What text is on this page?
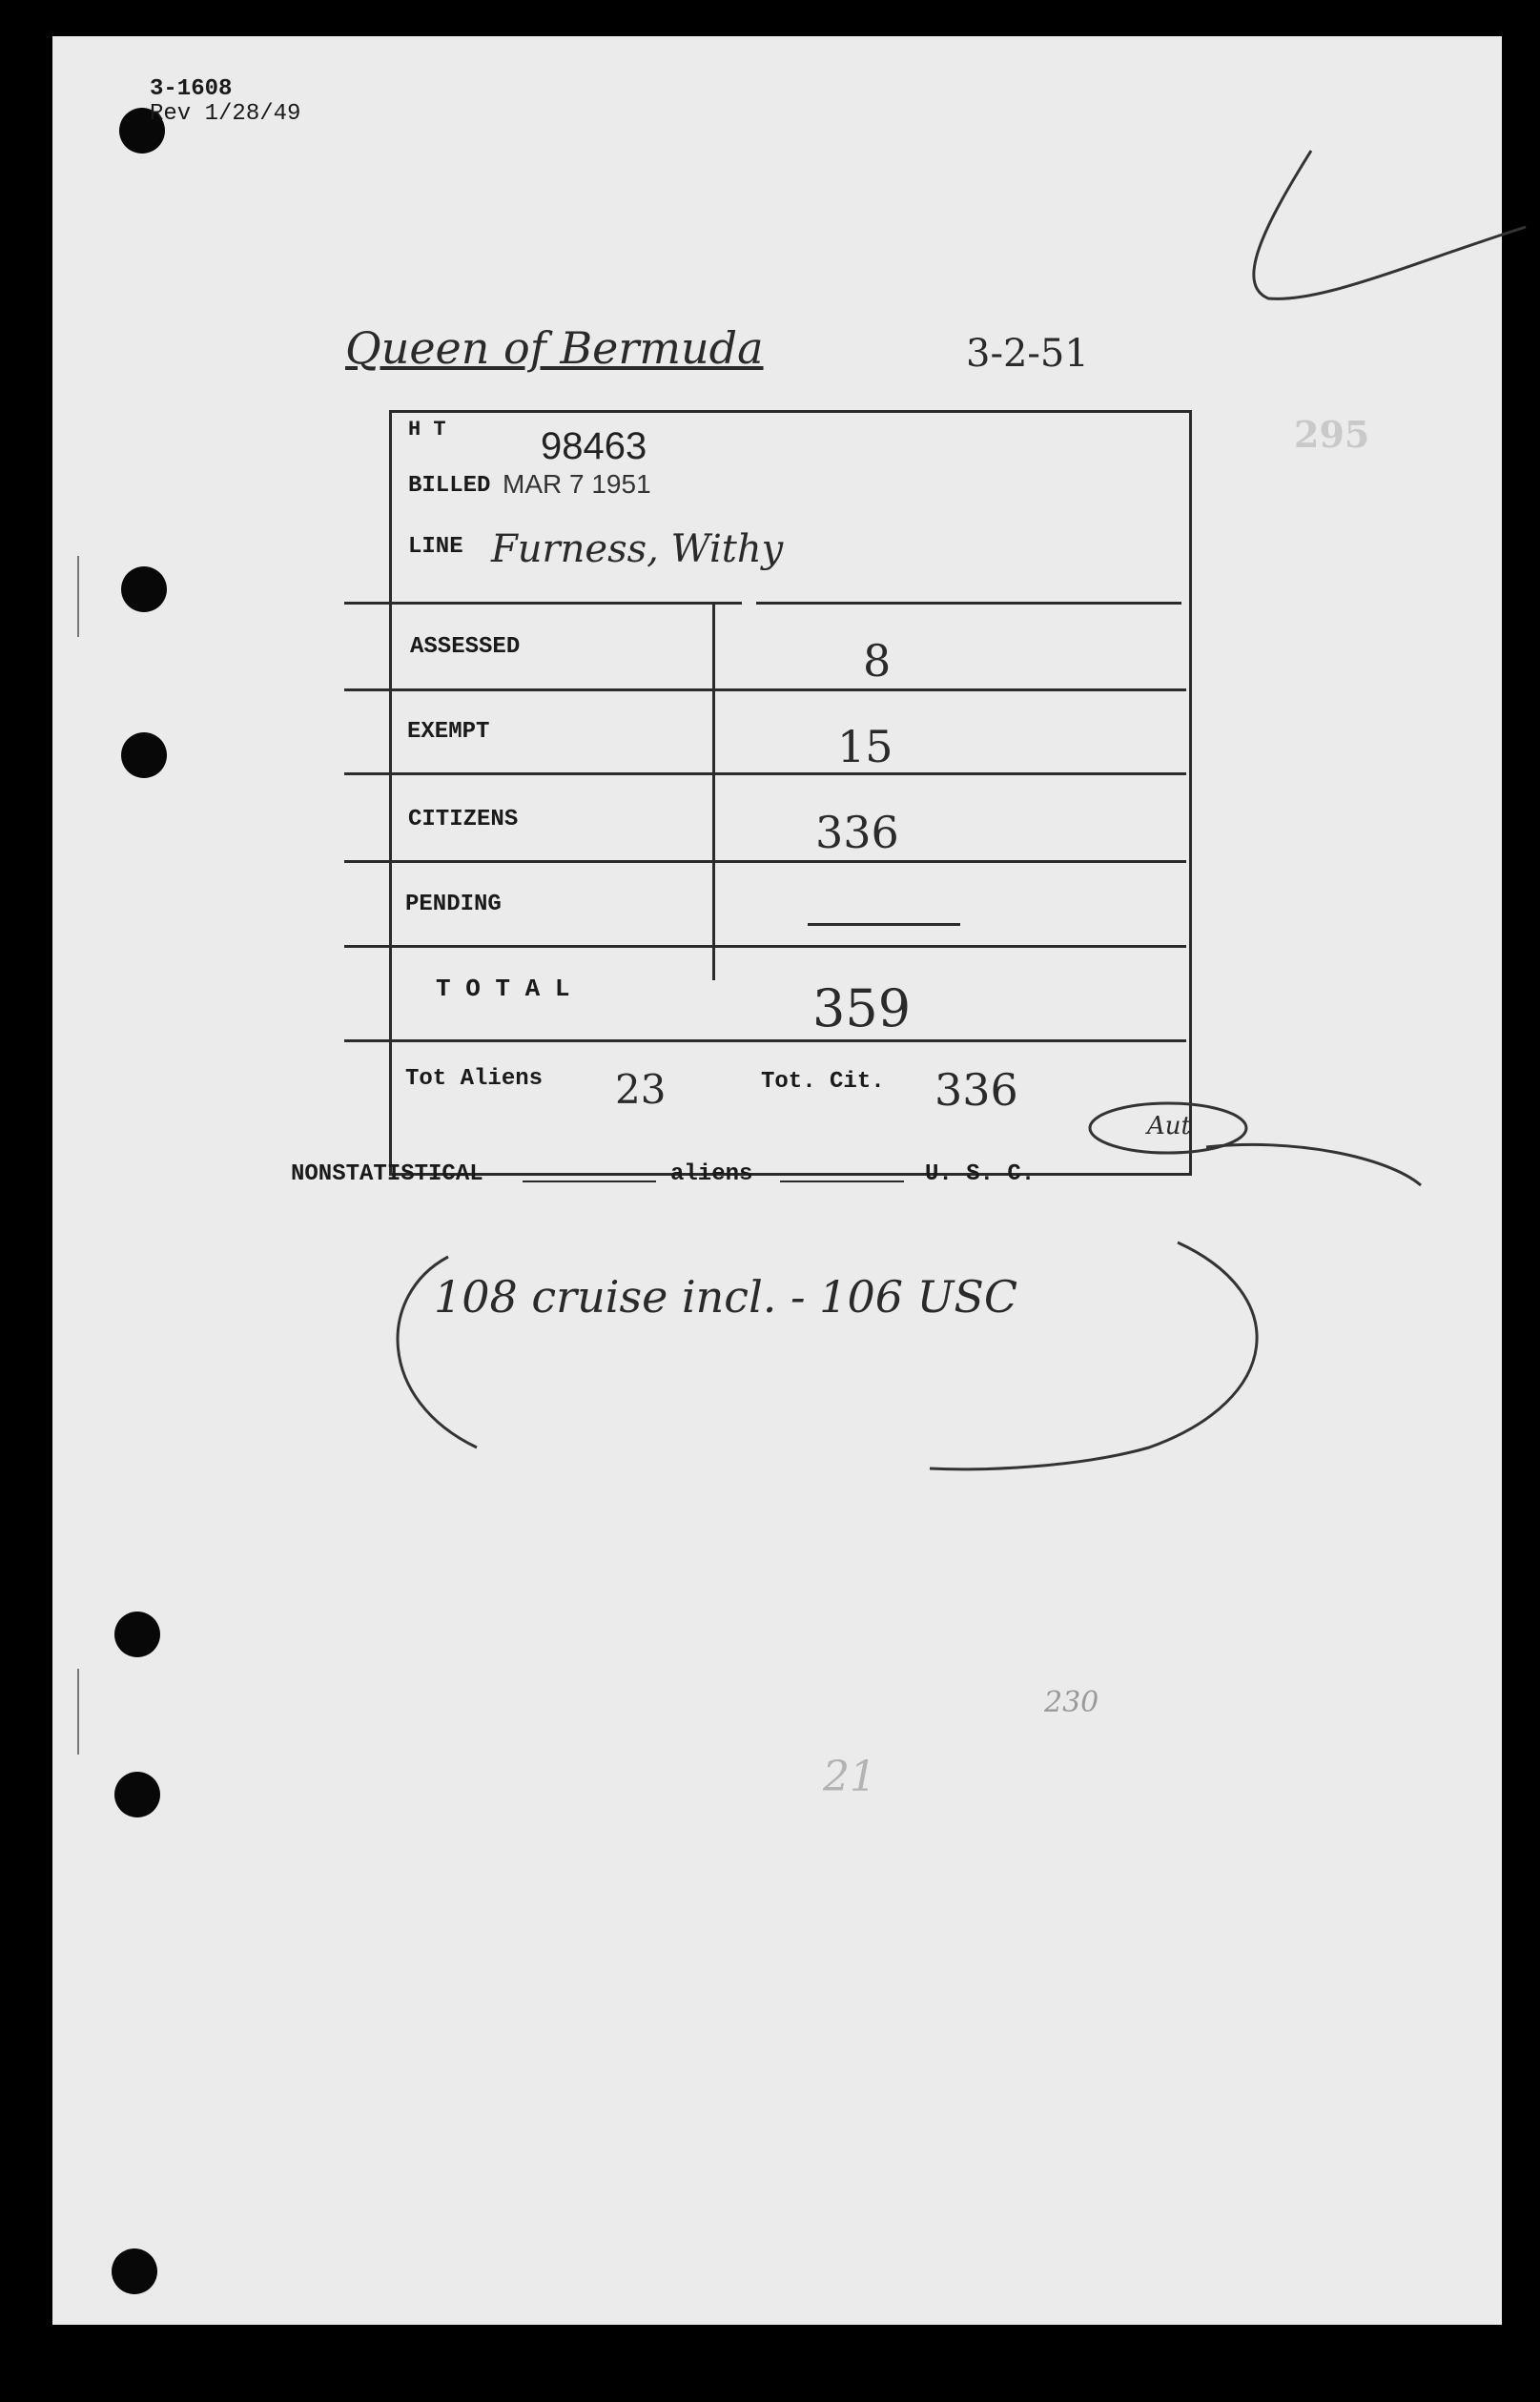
3-1608
Rev 1/28/49
295
Queen of Bermuda	3-2-51
H T 98463
BILLED MAR 7 1951
LINE Furness, Withy
ASSESSED	8
EXEMPT	15
CITIZENS	336
PENDING
T O T A L	359
Tot Aliens 23	Tot. Cit. 336
Aut
NONSTATISTICAL	aliens	U. S. C.
108 cruise incl. - 106 USC
230
21
